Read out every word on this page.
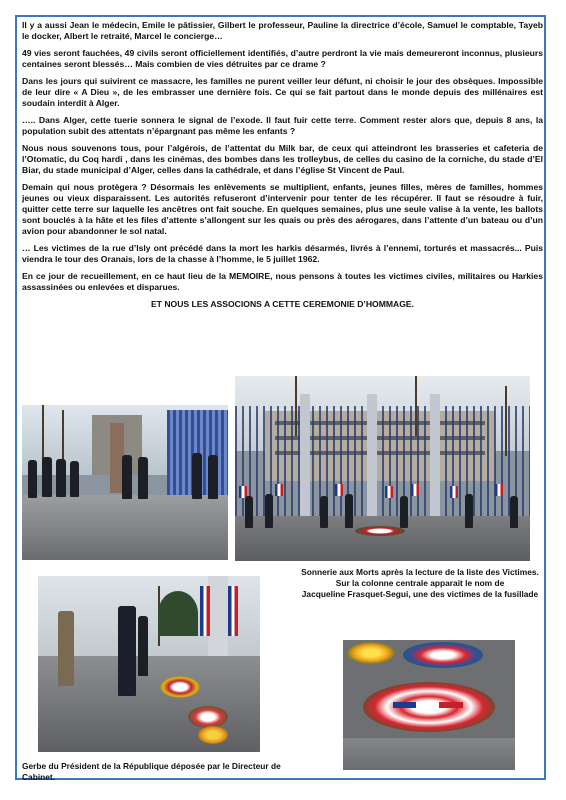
Il y a aussi Jean le médecin, Emile le pâtissier, Gilbert le professeur, Pauline la directrice d’école, Samuel le comptable, Tayeb le docker, Albert le retraité, Marcel le concierge…

49 vies seront fauchées, 49 civils seront officiellement identifiés, d’autre perdront la vie mais demeureront inconnus, plusieurs centaines seront blessés… Mais combien de vies détruites par ce drame ?

Dans les jours qui suivirent ce massacre, les familles ne purent veiller leur défunt, ni choisir le jour des obsèques. Impossible de leur dire « A Dieu », de les embrasser une dernière fois. Ce qui se fait partout dans le monde depuis des millénaires est soudain interdit à Alger.

….. Dans Alger, cette tuerie sonnera le signal de l’exode. Il faut fuir cette terre. Comment rester alors que, depuis 8 ans, la population subit des attentats n’épargnant pas même les enfants ?

Nous nous souvenons tous, pour l’algérois, de l’attentat du Milk bar, de ceux qui atteindront les brasseries et cafeteria de l’Otomatic, du Coq hardi , dans les cinémas, des bombes dans les trolleybus, de celles du casino de la corniche, du stade d’El Biar, du stade municipal d’Alger, celles dans la cathédrale, et dans l’église St Vincent de Paul.

Demain qui nous protègera ? Désormais les enlèvements se multiplient, enfants, jeunes filles, mères de familles, hommes jeunes ou vieux disparaissent. Les autorités refuseront d’intervenir pour tenter de les récupérer. Il faut se résoudre à fuir, quitter cette terre sur laquelle les ancêtres ont fait souche. En quelques semaines, plus une seule valise à la vente, les ballots sont bouclés à la hâte et les files d’attente s’allongent sur les quais ou près des aérogares, dans l’attente d’un bateau ou d’un avion pour abandonner le sol natal.

… Les victimes de la rue d’Isly ont précédé dans la mort les harkis désarmés, livrés à l’ennemi, torturés et massacrés... Puis viendra le tour des Oranais, lors de la chasse à l’homme, le 5 juillet 1962.

En ce jour de recueillement, en ce haut lieu de la MEMOIRE, nous pensons à toutes les victimes civiles, militaires ou Harkies assassinées ou enlevées et disparues.

ET NOUS LES ASSOCIONS A CETTE CEREMONIE D’HOMMAGE.

Sonnerie aux Morts après la lecture de la liste des Victimes.
Sur la colonne centrale apparait le nom de
Jacqueline Frasquet-Segui, une des victimes de la fusillade
Gerbe du Président de la République déposée par le Directeur de Cabinet.
